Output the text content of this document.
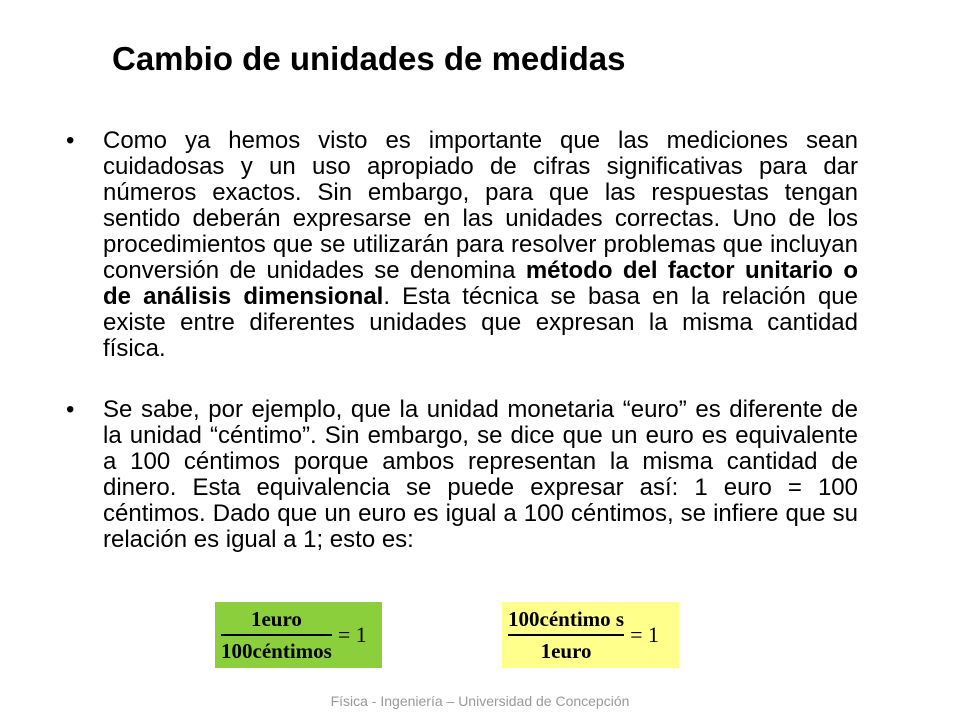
Cambio de unidades de medidas
• Como ya hemos visto es importante que las mediciones sean cuidadosas y un uso apropiado de cifras significativas para dar números exactos. Sin embargo, para que las respuestas tengan sentido deberán expresarse en las unidades correctas. Uno de los procedimientos que se utilizarán para resolver problemas que incluyan conversión de unidades se denomina método del factor unitario o de análisis dimensional. Esta técnica se basa en la relación que existe entre diferentes unidades que expresan la misma cantidad física.
• Se sabe, por ejemplo, que la unidad monetaria “euro” es diferente de la unidad “céntimo”. Sin embargo, se dice que un euro es equivalente a 100 céntimos porque ambos representan la misma cantidad de dinero. Esta equivalencia se puede expresar así: 1 euro = 100 céntimos. Dado que un euro es igual a 100 céntimos, se infiere que su relación es igual a 1; esto es:
$\frac{\text{1euro}}{\text{100céntimos}} = 1$	$\frac{\text{100céntimo s}}{\text{1euro}} = 1$
Física - Ingeniería – Universidad de Concepción
